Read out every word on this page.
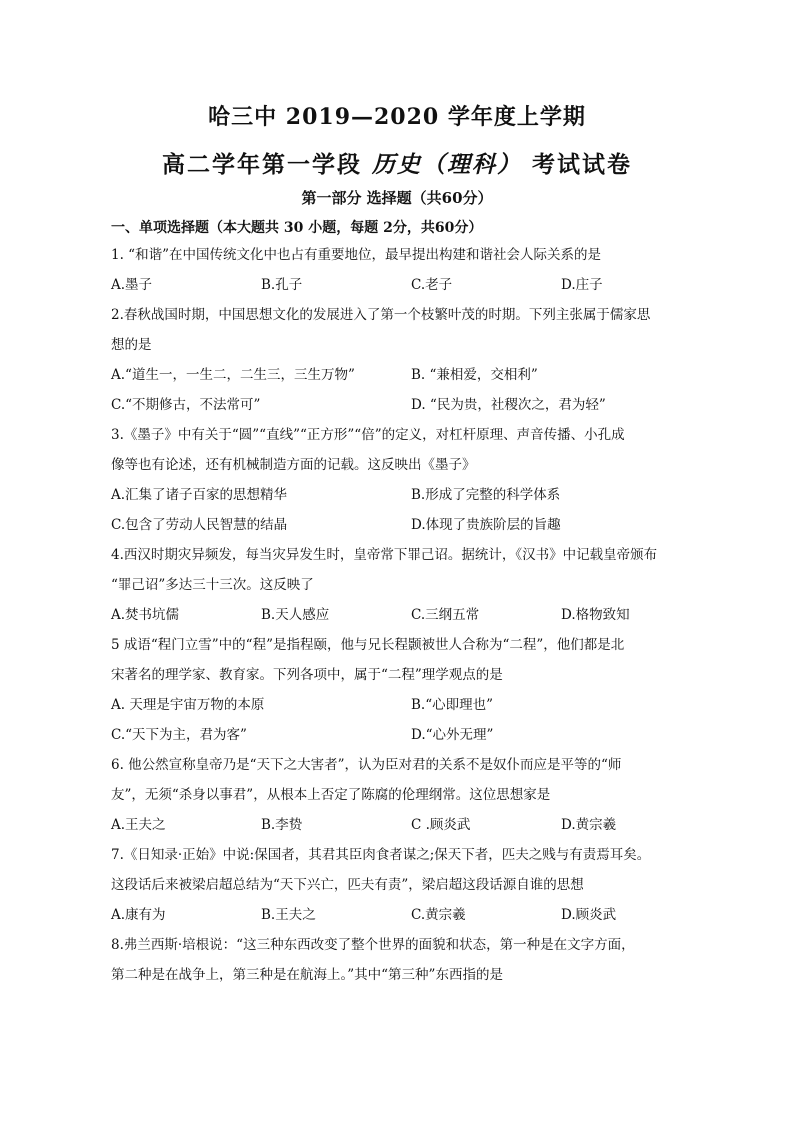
哈三中 2019—2020 学年度上学期
高二学年第一学段 历史（理科） 考试试卷
第一部分 选择题（共60分）
一、单项选择题（本大题共 30 小题，每题 2分，共60分）

1. “和谐”在中国传统文化中也占有重要地位，最早提出构建和谐社会人际关系的是

A.墨子	B.孔子	C.老子	D.庄子

2.春秋战国时期，中国思想文化的发展进入了第一个枝繁叶茂的时期。下列主张属于儒家思

想的是

A.“道生一，一生二，二生三，三生万物”	B. “兼相爱，交相利”
C.“不期修古，不法常可”	D. “民为贵，社稷次之，君为轻”

3.《墨子》中有关于“圆”“直线”“正方形”“倍”的定义，对杠杆原理、声音传播、小孔成

像等也有论述，还有机械制造方面的记载。这反映出《墨子》

A.汇集了诸子百家的思想精华	B.形成了完整的科学体系
C.包含了劳动人民智慧的结晶	D.体现了贵族阶层的旨趣

4.西汉时期灾异频发，每当灾异发生时，皇帝常下罪己诏。据统计，《汉书》中记载皇帝颁布

“罪己诏”多达三十三次。这反映了

A.焚书坑儒	B.天人感应	C.三纲五常	D.格物致知

5 成语“程门立雪”中的“程”是指程颐，他与兄长程颢被世人合称为“二程”，他们都是北

宋著名的理学家、教育家。下列各项中，属于“二程”理学观点的是

A. 天理是宇宙万物的本原	B.“心即理也”
C.“天下为主，君为客”	D.“心外无理”

6. 他公然宣称皇帝乃是“天下之大害者”，认为臣对君的关系不是奴仆而应是平等的“师

友”，无须“杀身以事君”，从根本上否定了陈腐的伦理纲常。这位思想家是

A.王夫之	B.李贽	C .顾炎武	D.黄宗羲

7.《日知录·正始》中说:保国者，其君其臣肉食者谋之;保天下者，匹夫之贱与有责焉耳矣。

这段话后来被梁启超总结为“天下兴亡，匹夫有责”，梁启超这段话源自谁的思想

A.康有为	B.王夫之	C.黄宗羲	D.顾炎武

8.弗兰西斯·培根说：“这三种东西改变了整个世界的面貌和状态，第一种是在文字方面，

第二种是在战争上，第三种是在航海上。”其中“第三种”东西指的是
